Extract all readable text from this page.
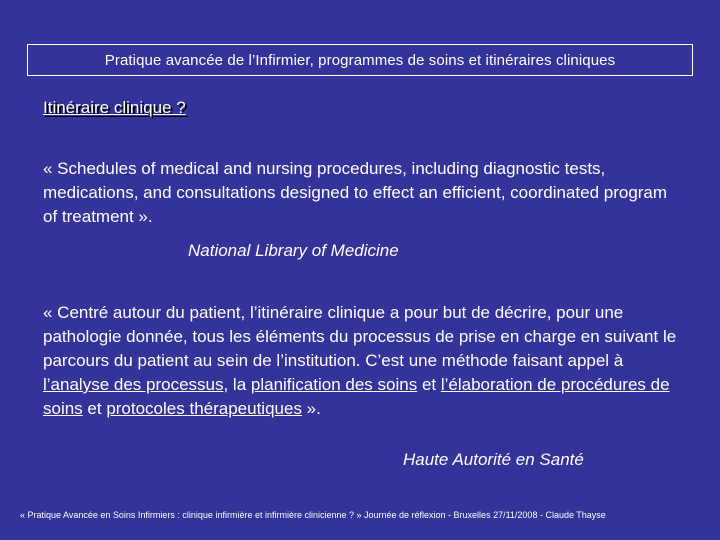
Pratique avancée de l’Infirmier, programmes de soins et itinéraires cliniques
Itinéraire clinique ?
« Schedules of medical and nursing procedures, including diagnostic tests, medications, and consultations designed to effect an efficient, coordinated program of treatment ».
National Library of Medicine
« Centré autour du patient, l’itinéraire clinique a pour but de décrire, pour une pathologie donnée, tous les éléments du processus de prise en charge en suivant le parcours du patient au sein de l’institution. C’est une méthode faisant appel à l’analyse des processus, la planification des soins et l’élaboration de procédures de soins et protocoles thérapeutiques ».
Haute Autorité en Santé
« Pratique Avancée en Soins Infirmiers : clinique infirmière et infirmière clinicienne ? » Journée de réflexion - Bruxelles 27/11/2008 - Claude Thayse
